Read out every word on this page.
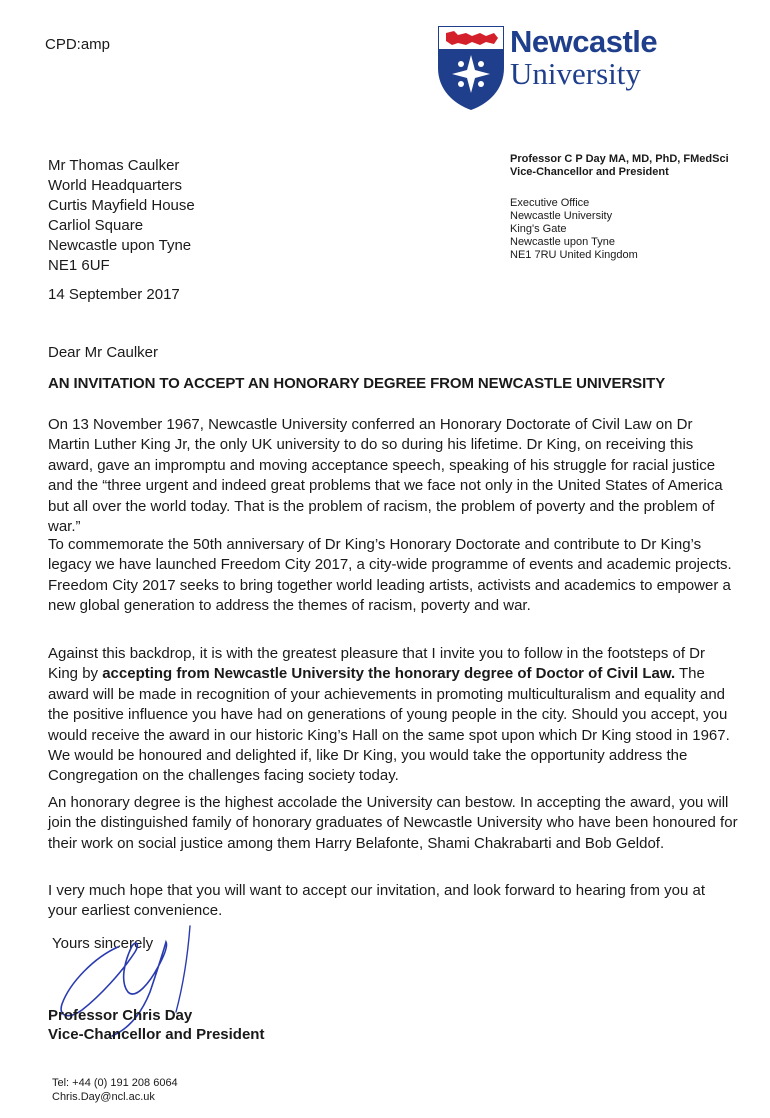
CPD:amp	Newcastle
University
Mr Thomas Caulker
World Headquarters
Curtis Mayfield House
Carliol Square
Newcastle upon Tyne
NE1 6UF
Professor C P Day MA, MD, PhD, FMedSci
Vice-Chancellor and President
Executive Office
Newcastle University
King's Gate
Newcastle upon Tyne
NE1 7RU United Kingdom
14 September 2017
Dear Mr Caulker
AN INVITATION TO ACCEPT AN HONORARY DEGREE FROM NEWCASTLE UNIVERSITY

On 13 November 1967, Newcastle University conferred an Honorary Doctorate of Civil Law on Dr Martin Luther King Jr, the only UK university to do so during his lifetime. Dr King, on receiving this award, gave an impromptu and moving acceptance speech, speaking of his struggle for racial justice and the “three urgent and indeed great problems that we face not only in the United States of America but all over the world today. That is the problem of racism, the problem of poverty and the problem of war.”

To commemorate the 50th anniversary of Dr King’s Honorary Doctorate and contribute to Dr King’s legacy we have launched Freedom City 2017, a city-wide programme of events and academic projects. Freedom City 2017 seeks to bring together world leading artists, activists and academics to empower a new global generation to address the themes of racism, poverty and war.

Against this backdrop, it is with the greatest pleasure that I invite you to follow in the footsteps of Dr King by accepting from Newcastle University the honorary degree of Doctor of Civil Law. The award will be made in recognition of your achievements in promoting multiculturalism and equality and the positive influence you have had on generations of young people in the city. Should you accept, you would receive the award in our historic King’s Hall on the same spot upon which Dr King stood in 1967. We would be honoured and delighted if, like Dr King, you would take the opportunity address the Congregation on the challenges facing society today.

An honorary degree is the highest accolade the University can bestow. In accepting the award, you will join the distinguished family of honorary graduates of Newcastle University who have been honoured for their work on social justice among them Harry Belafonte, Shami Chakrabarti and Bob Geldof.

I very much hope that you will want to accept our invitation, and look forward to hearing from you at your earliest convenience.

Yours sincerely
Professor Chris Day
Vice-Chancellor and President
Tel: +44 (0) 191 208 6064
Chris.Day@ncl.ac.uk
